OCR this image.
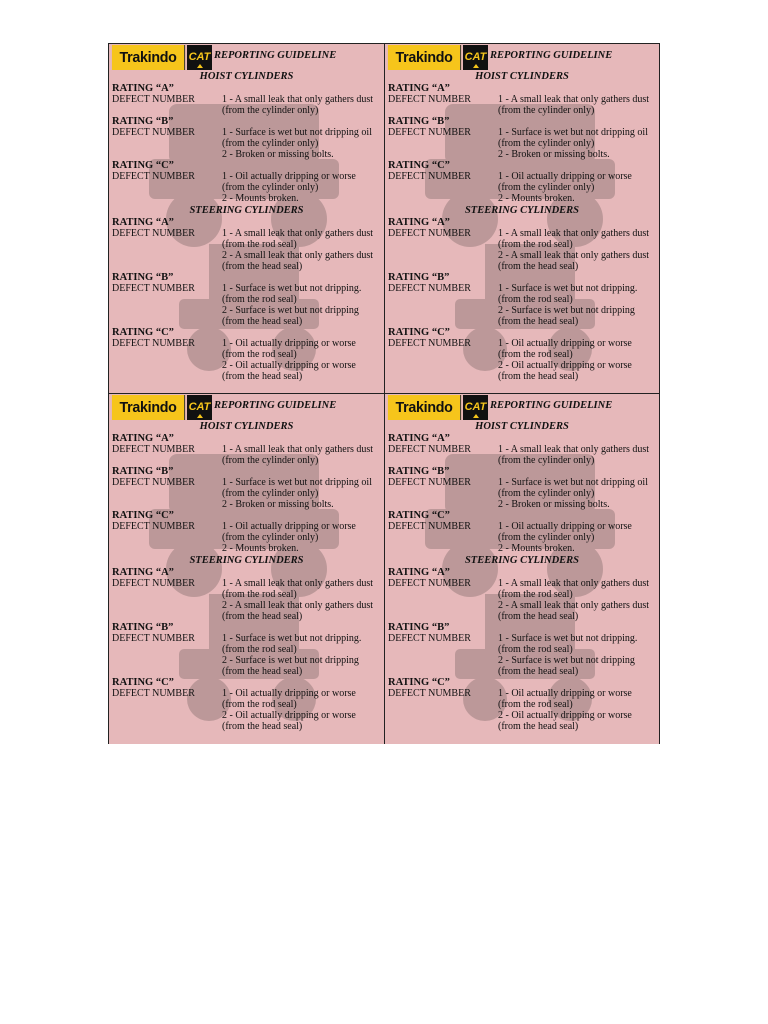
Trakindo	CAT REPORTING GUIDELINE
HOIST CYLINDERS
RATING “A”
DEFECT NUMBER	1 - A small leak that only gathers dust
(from the cylinder only)
RATING “B”
DEFECT NUMBER	1 - Surface is wet but not dripping oil
(from the cylinder only)
2 - Broken or missing bolts.
RATING “C”
DEFECT NUMBER	1 - Oil actually dripping or worse
(from the cylinder only)
2 - Mounts broken.
STEERING CYLINDERS
RATING “A”
DEFECT NUMBER	1 - A small leak that only gathers dust
(from the rod seal)
2 - A small leak that only gathers dust
(from the head seal)
RATING “B”
DEFECT NUMBER	1 - Surface is wet but not dripping.
(from the rod seal)
2 - Surface is wet but not dripping
(from the head seal)
RATING “C”
DEFECT NUMBER	1 - Oil actually dripping or worse
(from the rod seal)
2 - Oil actually dripping or worse
(from the head seal)
Trakindo	CAT REPORTING GUIDELINE
HOIST CYLINDERS
RATING “A”
DEFECT NUMBER	1 - A small leak that only gathers dust
(from the cylinder only)
RATING “B”
DEFECT NUMBER	1 - Surface is wet but not dripping oil
(from the cylinder only)
2 - Broken or missing bolts.
RATING “C”
DEFECT NUMBER	1 - Oil actually dripping or worse
(from the cylinder only)
2 - Mounts broken.
STEERING CYLINDERS
RATING “A”
DEFECT NUMBER	1 - A small leak that only gathers dust
(from the rod seal)
2 - A small leak that only gathers dust
(from the head seal)
RATING “B”
DEFECT NUMBER	1 - Surface is wet but not dripping.
(from the rod seal)
2 - Surface is wet but not dripping
(from the head seal)
RATING “C”
DEFECT NUMBER	1 - Oil actually dripping or worse
(from the rod seal)
2 - Oil actually dripping or worse
(from the head seal)
Trakindo	CAT REPORTING GUIDELINE
HOIST CYLINDERS
RATING “A”
DEFECT NUMBER	1 - A small leak that only gathers dust
(from the cylinder only)
RATING “B”
DEFECT NUMBER	1 - Surface is wet but not dripping oil
(from the cylinder only)
2 - Broken or missing bolts.
RATING “C”
DEFECT NUMBER	1 - Oil actually dripping or worse
(from the cylinder only)
2 - Mounts broken.
STEERING CYLINDERS
RATING “A”
DEFECT NUMBER	1 - A small leak that only gathers dust
(from the rod seal)
2 - A small leak that only gathers dust
(from the head seal)
RATING “B”
DEFECT NUMBER	1 - Surface is wet but not dripping.
(from the rod seal)
2 - Surface is wet but not dripping
(from the head seal)
RATING “C”
DEFECT NUMBER	1 - Oil actually dripping or worse
(from the rod seal)
2 - Oil actually dripping or worse
(from the head seal)
Trakindo	CAT REPORTING GUIDELINE
HOIST CYLINDERS
RATING “A”
DEFECT NUMBER	1 - A small leak that only gathers dust
(from the cylinder only)
RATING “B”
DEFECT NUMBER	1 - Surface is wet but not dripping oil
(from the cylinder only)
2 - Broken or missing bolts.
RATING “C”
DEFECT NUMBER	1 - Oil actually dripping or worse
(from the cylinder only)
2 - Mounts broken.
STEERING CYLINDERS
RATING “A”
DEFECT NUMBER	1 - A small leak that only gathers dust
(from the rod seal)
2 - A small leak that only gathers dust
(from the head seal)
RATING “B”
DEFECT NUMBER	1 - Surface is wet but not dripping.
(from the rod seal)
2 - Surface is wet but not dripping
(from the head seal)
RATING “C”
DEFECT NUMBER	1 - Oil actually dripping or worse
(from the rod seal)
2 - Oil actually dripping or worse
(from the head seal)
